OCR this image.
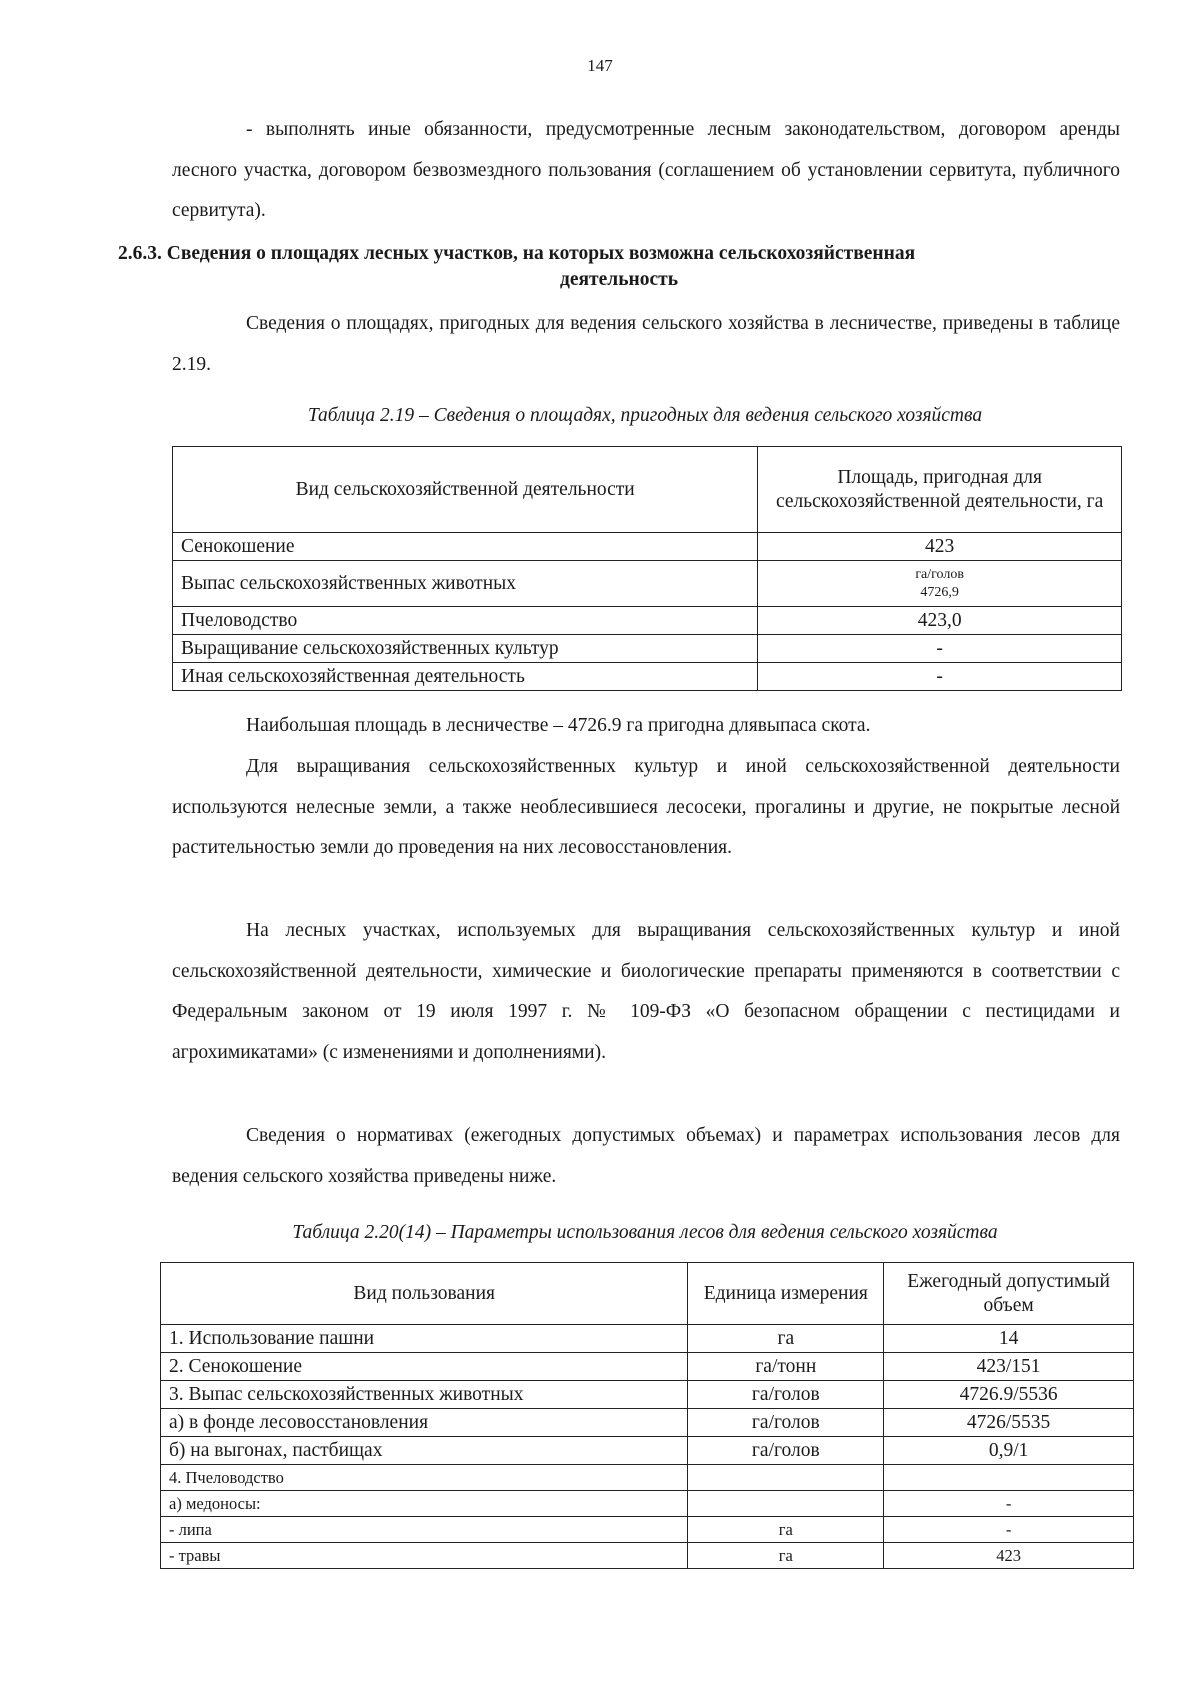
147

- выполнять иные обязанности, предусмотренные лесным законодательством, договором аренды лесного участка, договором безвозмездного пользования (соглашением об установлении сервитута, публичного сервитута).

2.6.3. Сведения о площадях лесных участков, на которых возможна сельскохозяйственная
деятельность

Сведения о площадях, пригодных для ведения сельского хозяйства в лесничестве, приведены в таблице 2.19.

Таблица 2.19 – Сведения о площадях, пригодных для ведения сельского хозяйства

Вид сельскохозяйственной деятельности	Площадь, пригодная для сельскохозяйственной деятельности, га
Сенокошение	423
Выпас сельскохозяйственных животных	га/голов
4726,9

Пчеловодство	423,0
Выращивание сельскохозяйственных культур	-
Иная сельскохозяйственная деятельность	-

Наибольшая площадь в лесничестве – 4726.9 га пригодна длявыпаса скота.

Для выращивания сельскохозяйственных культур и иной сельскохозяйственной деятельности используются нелесные земли, а также необлесившиеся лесосеки, прогалины и другие, не покрытые лесной растительностью земли до проведения на них лесовосстановления.

На лесных участках, используемых для выращивания сельскохозяйственных культур и иной сельскохозяйственной деятельности, химические и биологические препараты применяются в соответствии с Федеральным законом от 19 июля 1997 г. № 109-ФЗ «О безопасном обращении с пестицидами и агрохимикатами» (с изменениями и дополнениями).

Сведения о нормативах (ежегодных допустимых объемах) и параметрах использования лесов для ведения сельского хозяйства приведены ниже.

Таблица 2.20(14) – Параметры использования лесов для ведения сельского хозяйства

Вид пользования	Единица измерения	Ежегодный допустимый объем
1. Использование пашни	га	14
2. Сенокошение	га/тонн	423/151
3. Выпас сельскохозяйственных животных	га/голов	4726.9/5536
а) в фонде лесовосстановления	га/голов	4726/5535
б) на выгонах, пастбищах	га/голов	0,9/1
4. Пчеловодство		
а) медоносы:		-
- липа	га	-
- травы	га	423
